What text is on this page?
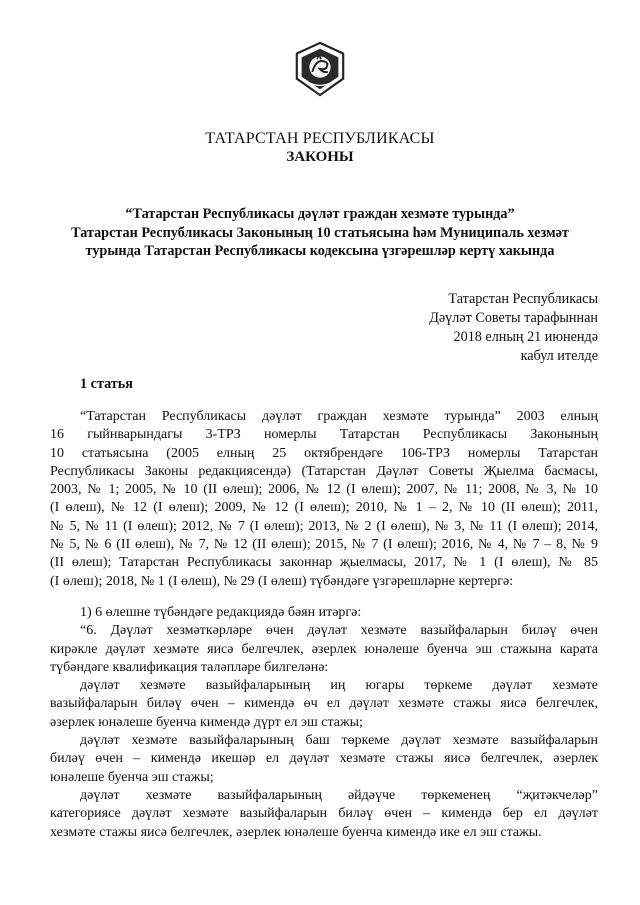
ТАТАРСТАН РЕСПУБЛИКАСЫ
ЗАКОНЫ
“Татарстан Республикасы дәүләт граждан хезмәте турында”
Татарстан Республикасы Законының 10 статьясына һәм Муниципаль хезмәт
турында Татарстан Республикасы кодексына үзгәрешләр кертү хакында
Татарстан Республикасы
Дәүләт Советы тарафыннан
2018 елның 21 июнендә
кабул ителде
1 статья
“Татарстан Республикасы дәүләт граждан хезмәте турында” 2003 елның
16 гыйнварындагы 3-ТРЗ номерлы Татарстан Республикасы Законының
10 статьясына (2005 елның 25 октябрендәге 106-ТРЗ номерлы Татарстан
Республикасы Законы редакциясендә) (Татарстан Дәүләт Советы Җыелма басмасы,
2003, № 1; 2005, № 10 (II өлеш); 2006, № 12 (I өлеш); 2007, № 11; 2008, № 3, № 10
(I өлеш), № 12 (I өлеш); 2009, № 12 (I өлеш); 2010, № 1 – 2, № 10 (II өлеш); 2011,
№ 5, № 11 (I өлеш); 2012, № 7 (I өлеш); 2013, № 2 (I өлеш), № 3, № 11 (I өлеш); 2014,
№ 5, № 6 (II өлеш), № 7, № 12 (II өлеш); 2015, № 7 (I өлеш); 2016, № 4, № 7 – 8, № 9
(II өлеш); Татарстан Республикасы законнар җыелмасы, 2017, № 1 (I өлеш), № 85
(I өлеш); 2018, № 1 (I өлеш), № 29 (I өлеш) түбәндәге үзгәрешләрне кертергә:
1) 6 өлешне түбәндәге редакциядә бәян итәргә:
“6. Дәүләт хезмәткәрләре өчен дәүләт хезмәте вазыйфаларын биләү өчен
кирәкле дәүләт хезмәте яисә белгечлек, әзерлек юнәлеше буенча эш стажына карата
түбәндәге квалификация таләпләре билгеләнә:
дәүләт хезмәте вазыйфаларының иң югары төркеме дәүләт хезмәте
вазыйфаларын биләү өчен – кимендә өч ел дәүләт хезмәте стажы яисә белгечлек,
әзерлек юнәлеше буенча кимендә дүрт ел эш стажы;
дәүләт хезмәте вазыйфаларының баш төркеме дәүләт хезмәте вазыйфаларын
биләү өчен – кимендә икешәр ел дәүләт хезмәте стажы яисә белгечлек, әзерлек
юнәлеше буенча эш стажы;
дәүләт хезмәте вазыйфаларының әйдәүче төркеменең “җитәкчеләр”
категориясе дәүләт хезмәте вазыйфаларын биләү өчен – кимендә бер ел дәүләт
хезмәте стажы яисә белгечлек, әзерлек юнәлеше буенча кимендә ике ел эш стажы.
